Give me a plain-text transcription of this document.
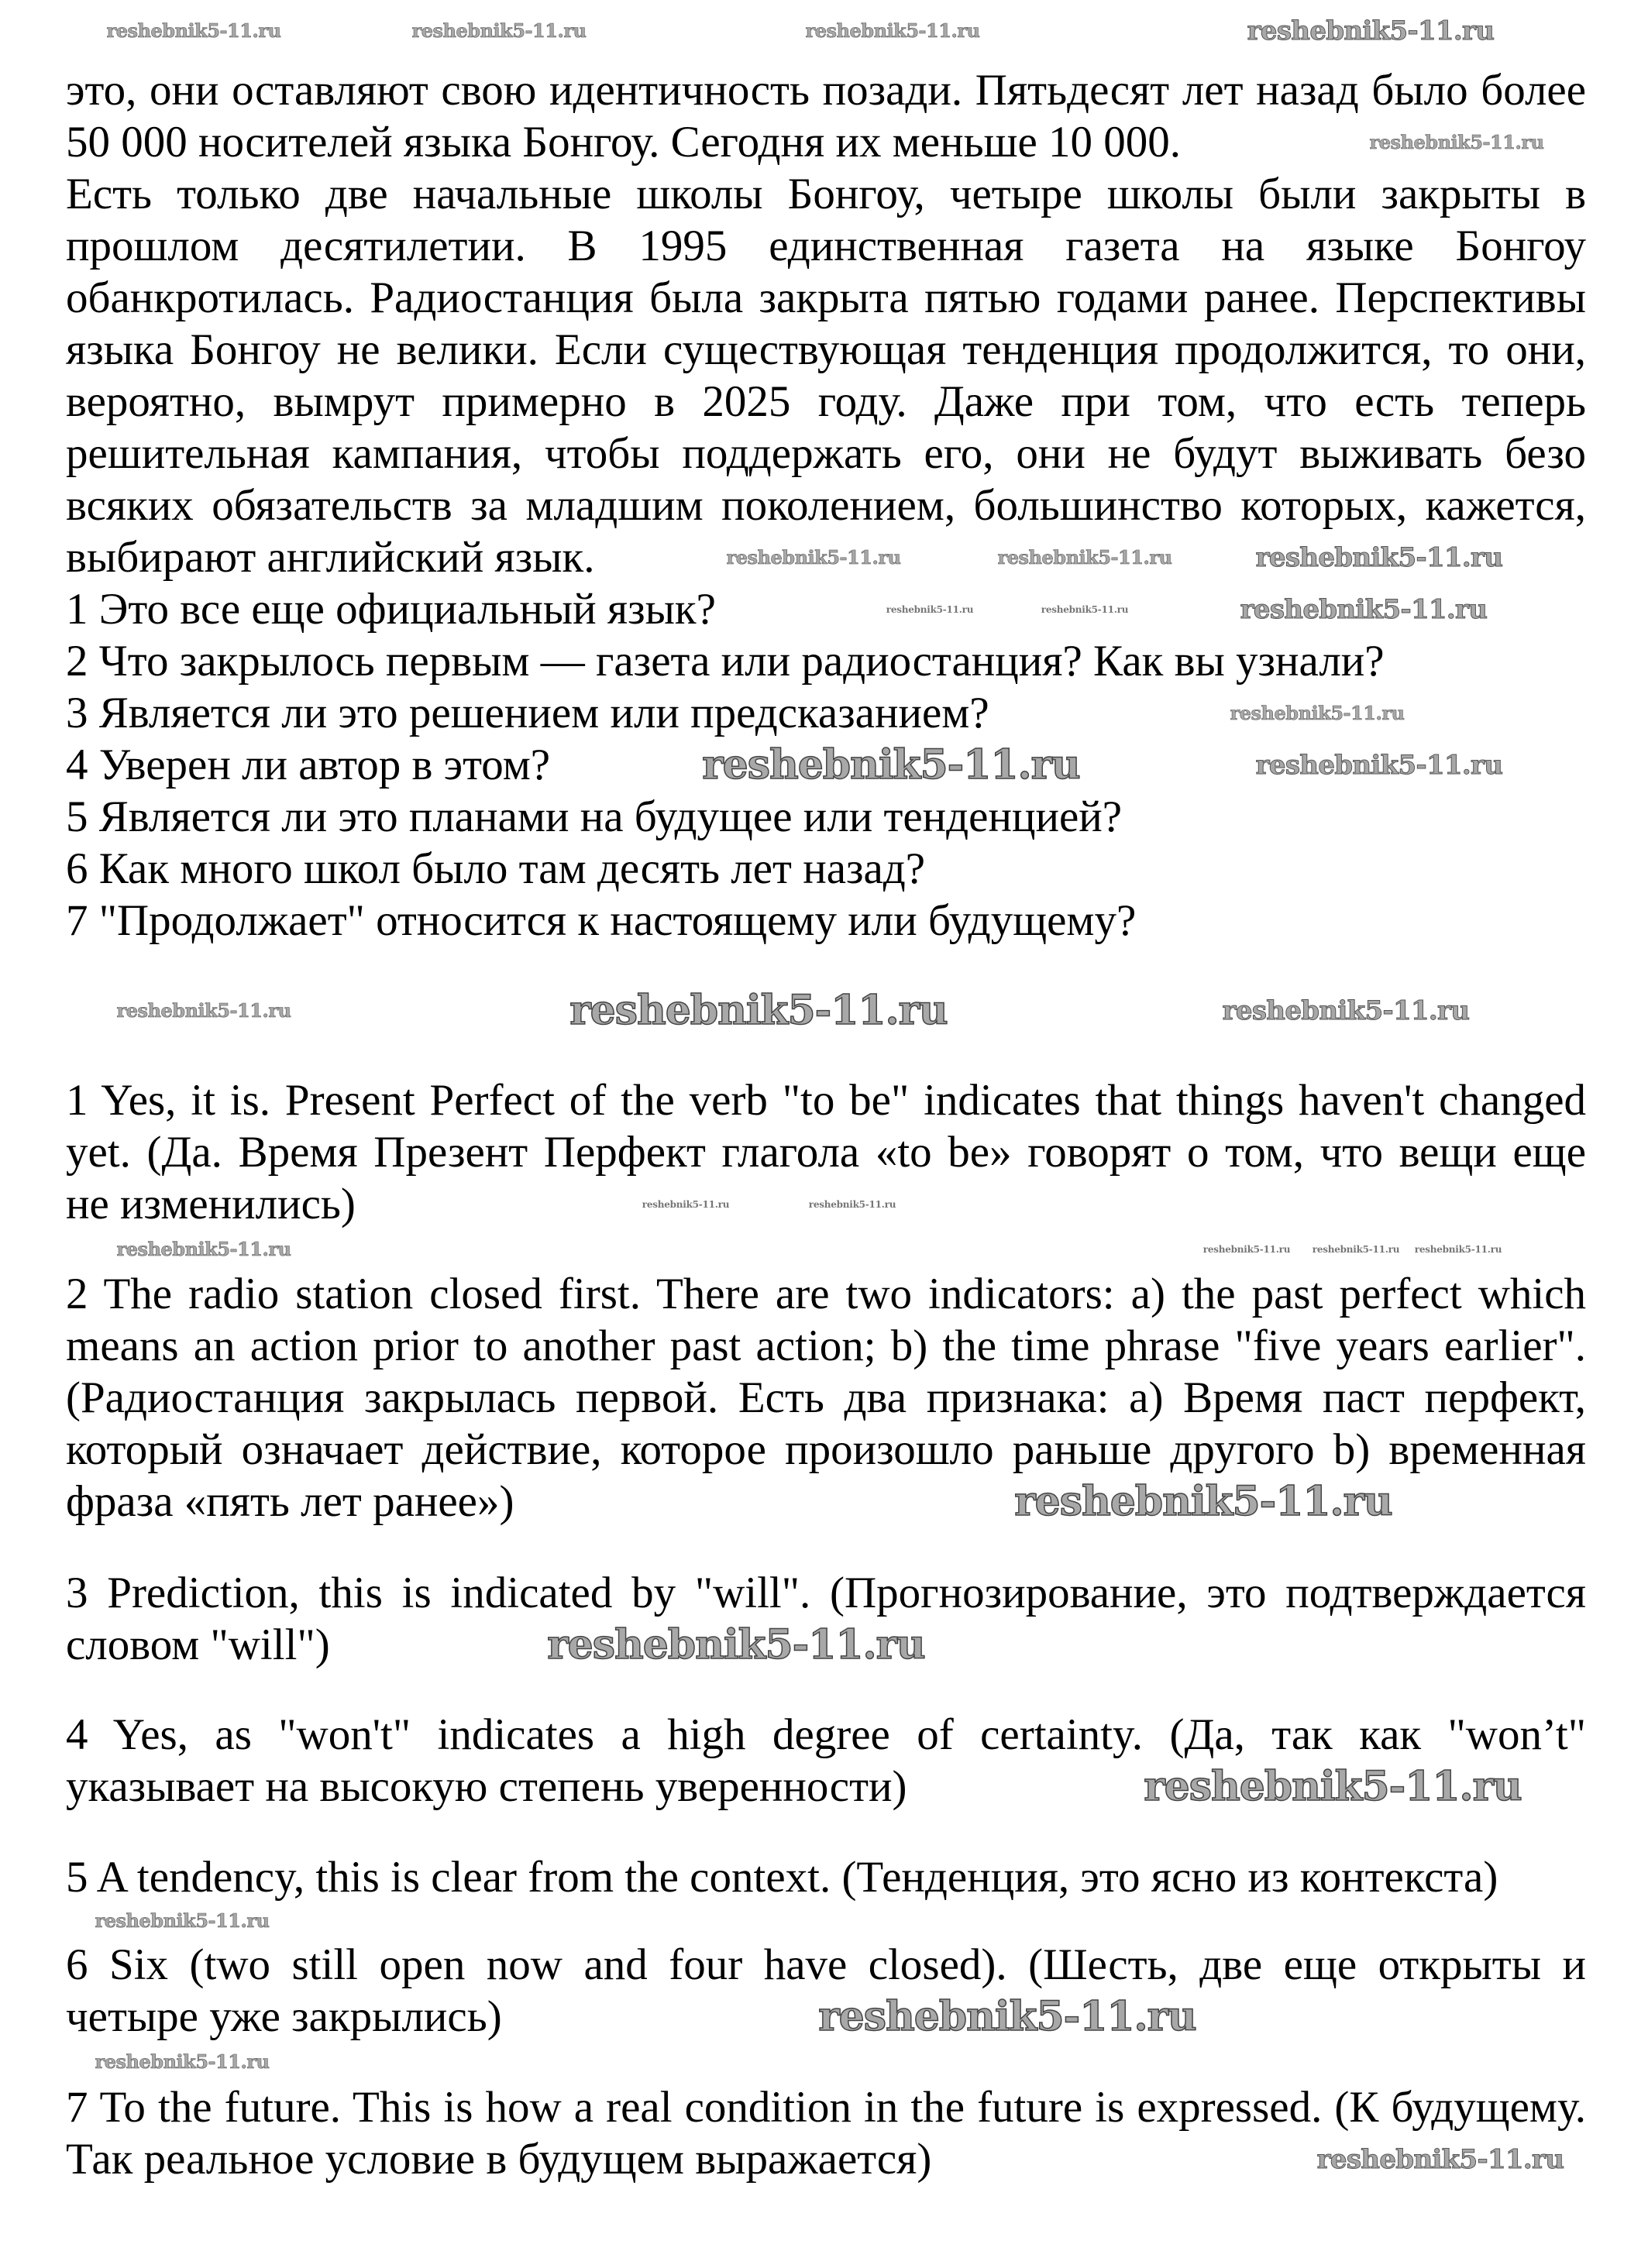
это, они оставляют свою идентичность позади. Пятьдесят лет назад было более
50 000 носителей языка Бонгоу. Сегодня их меньше 10 000.
Есть только две начальные школы Бонгоу, четыре школы были закрыты в
прошлом десятилетии. В 1995 единственная газета на языке Бонгоу
обанкротилась. Радиостанция была закрыта пятью годами ранее. Перспективы
языка Бонгоу не велики. Если существующая тенденция продолжится, то они,
вероятно, вымрут примерно в 2025 году. Даже при том, что есть теперь
решительная кампания, чтобы поддержать его, они не будут выживать безо
всяких обязательств за младшим поколением, большинство которых, кажется,
выбирают английский язык.
1 Это все еще официальный язык?
2 Что закрылось первым — газета или радиостанция? Как вы узнали?
3 Является ли это решением или предсказанием?
4 Уверен ли автор в этом?
5 Является ли это планами на будущее или тенденцией?
6 Как много школ было там десять лет назад?
7 "Продолжает" относится к настоящему или будущему?
1 Yes, it is. Present Perfect of the verb "to be" indicates that things haven't changed
yet. (Да. Время Презент Перфект глагола «to be» говорят о том, что вещи еще
не изменились)
2 The radio station closed first. There are two indicators: a) the past perfect which
means an action prior to another past action; b) the time phrase "five years earlier".
(Радиостанция закрылась первой. Есть два признака: а) Время паст перфект,
который означает действие, которое произошло раньше другого b) временная
фраза «пять лет ранее»)
3 Prediction, this is indicated by "will". (Прогнозирование, это подтверждается
словом "will")
4 Yes, as "won't" indicates a high degree of certainty. (Да, так как "won’t"
указывает на высокую степень уверенности)
5 A tendency, this is clear from the context. (Тенденция, это ясно из контекста)
6 Six (two still open now and four have closed). (Шесть, две еще открыты и
четыре уже закрылись)
7 To the future. This is how a real condition in the future is expressed. (К будущему.
Так реальное условие в будущем выражается)
reshebnik5-11.ru	reshebnik5-11.ru	reshebnik5-11.ru	reshebnik5-11.ru
reshebnik5-11.ru
reshebnik5-11.ru	reshebnik5-11.ru	reshebnik5-11.ru
reshebnik5-11.ru	reshebnik5-11.ru	reshebnik5-11.ru
reshebnik5-11.ru
reshebnik5-11.ru	reshebnik5-11.ru
reshebnik5-11.ru	reshebnik5-11.ru	reshebnik5-11.ru
reshebnik5-11.ru reshebnik5-11.ru reshebnik5-11.ru
reshebnik5-11.ru
reshebnik5-11.ru	reshebnik5-11.ru
reshebnik5-11.ru
reshebnik5-11.ru
reshebnik5-11.ru
reshebnik5-11.ru
reshebnik5-11.ru
reshebnik5-11.ru
reshebnik5-11.ru
